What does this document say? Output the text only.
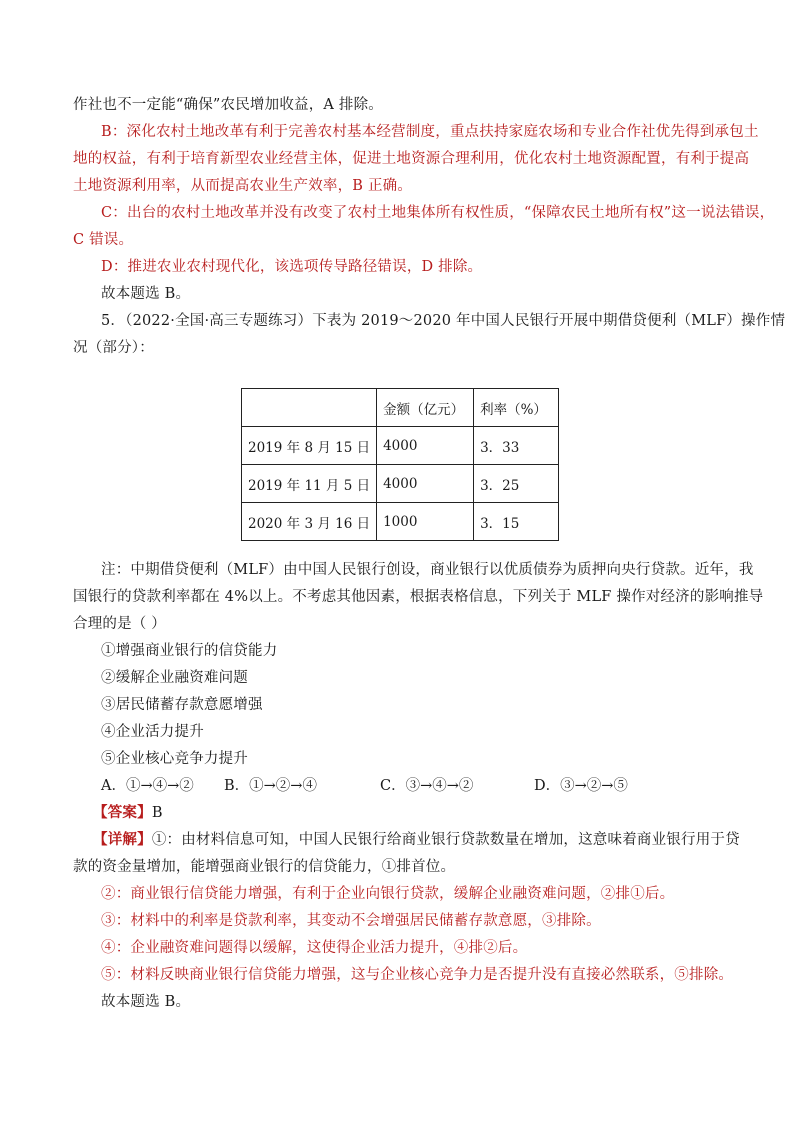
作社也不一定能“确保”农民增加收益，A 排除。
B：深化农村土地改革有利于完善农村基本经营制度，重点扶持家庭农场和专业合作社优先得到承包土
地的权益，有利于培育新型农业经营主体，促进土地资源合理利用，优化农村土地资源配置，有利于提高
土地资源利用率，从而提高农业生产效率，B 正确。
C：出台的农村土地改革并没有改变了农村土地集体所有权性质，“保障农民土地所有权”这一说法错误，
C 错误。
D：推进农业农村现代化，该选项传导路径错误，D 排除。
故本题选 B。
5．（2022·全国·高三专题练习）下表为 2019～2020 年中国人民银行开展中期借贷便利（MLF）操作情
况（部分）：
	金额（亿元）	利率（%）
2019 年 8 月 15 日	4000	3．33
2019 年 11 月 5 日	4000	3．25
2020 年 3 月 16 日	1000	3．15
注：中期借贷便利（MLF）由中国人民银行创设，商业银行以优质债券为质押向央行贷款。近年，我
国银行的贷款利率都在 4%以上。不考虑其他因素，根据表格信息，下列关于 MLF 操作对经济的影响推导
合理的是（ ）
①增强商业银行的信贷能力
②缓解企业融资难问题
③居民储蓄存款意愿增强
④企业活力提升
⑤企业核心竞争力提升
A．①→④→② B．①→②→④	C．③→④→②	D．③→②→⑤
【答案】B
【详解】①：由材料信息可知，中国人民银行给商业银行贷款数量在增加，这意味着商业银行用于贷
款的资金量增加，能增强商业银行的信贷能力，①排首位。
②：商业银行信贷能力增强，有利于企业向银行贷款，缓解企业融资难问题，②排①后。
③：材料中的利率是贷款利率，其变动不会增强居民储蓄存款意愿，③排除。
④：企业融资难问题得以缓解，这使得企业活力提升，④排②后。
⑤：材料反映商业银行信贷能力增强，这与企业核心竞争力是否提升没有直接必然联系，⑤排除。
故本题选 B。
